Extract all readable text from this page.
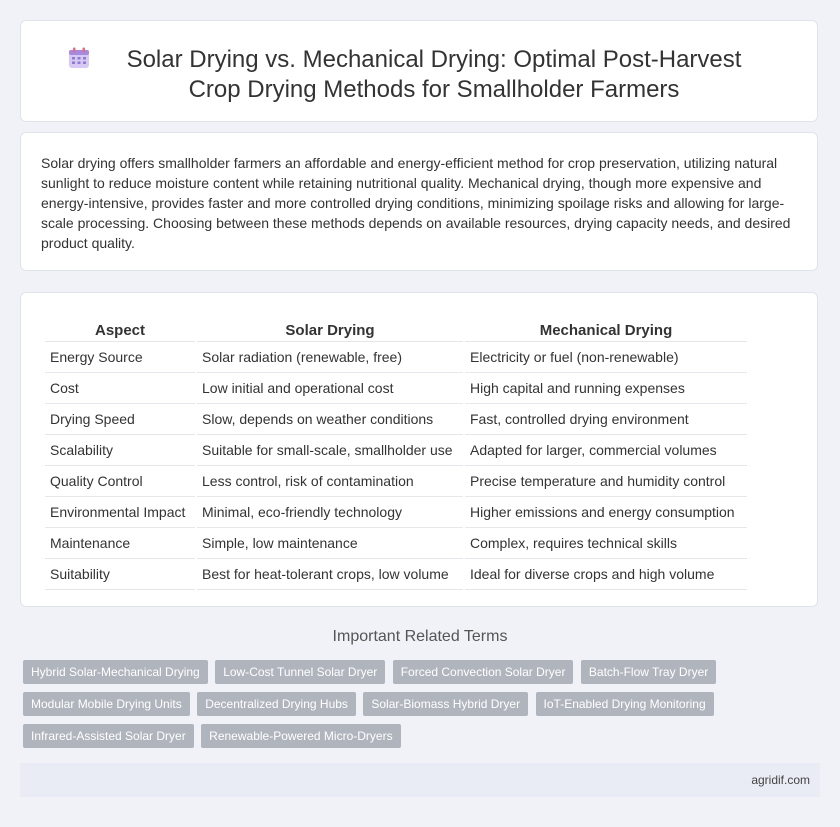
Solar Drying vs. Mechanical Drying: Optimal Post-Harvest Crop Drying Methods for Smallholder Farmers
Solar drying offers smallholder farmers an affordable and energy-efficient method for crop preservation, utilizing natural sunlight to reduce moisture content while retaining nutritional quality. Mechanical drying, though more expensive and energy-intensive, provides faster and more controlled drying conditions, minimizing spoilage risks and allowing for large-scale processing. Choosing between these methods depends on available resources, drying capacity needs, and desired product quality.
Aspect	Solar Drying	Mechanical Drying
Energy Source	Solar radiation (renewable, free)	Electricity or fuel (non-renewable)
Cost	Low initial and operational cost	High capital and running expenses
Drying Speed	Slow, depends on weather conditions	Fast, controlled drying environment
Scalability	Suitable for small-scale, smallholder use	Adapted for larger, commercial volumes
Quality Control	Less control, risk of contamination	Precise temperature and humidity control
Environmental Impact	Minimal, eco-friendly technology	Higher emissions and energy consumption
Maintenance	Simple, low maintenance	Complex, requires technical skills
Suitability	Best for heat-tolerant crops, low volume	Ideal for diverse crops and high volume
Important Related Terms
Hybrid Solar-Mechanical Drying Low-Cost Tunnel Solar Dryer Forced Convection Solar Dryer Batch-Flow Tray Dryer Modular Mobile Drying Units Decentralized Drying Hubs Solar-Biomass Hybrid Dryer IoT-Enabled Drying Monitoring Infrared-Assisted Solar Dryer Renewable-Powered Micro-Dryers
agridif.com
